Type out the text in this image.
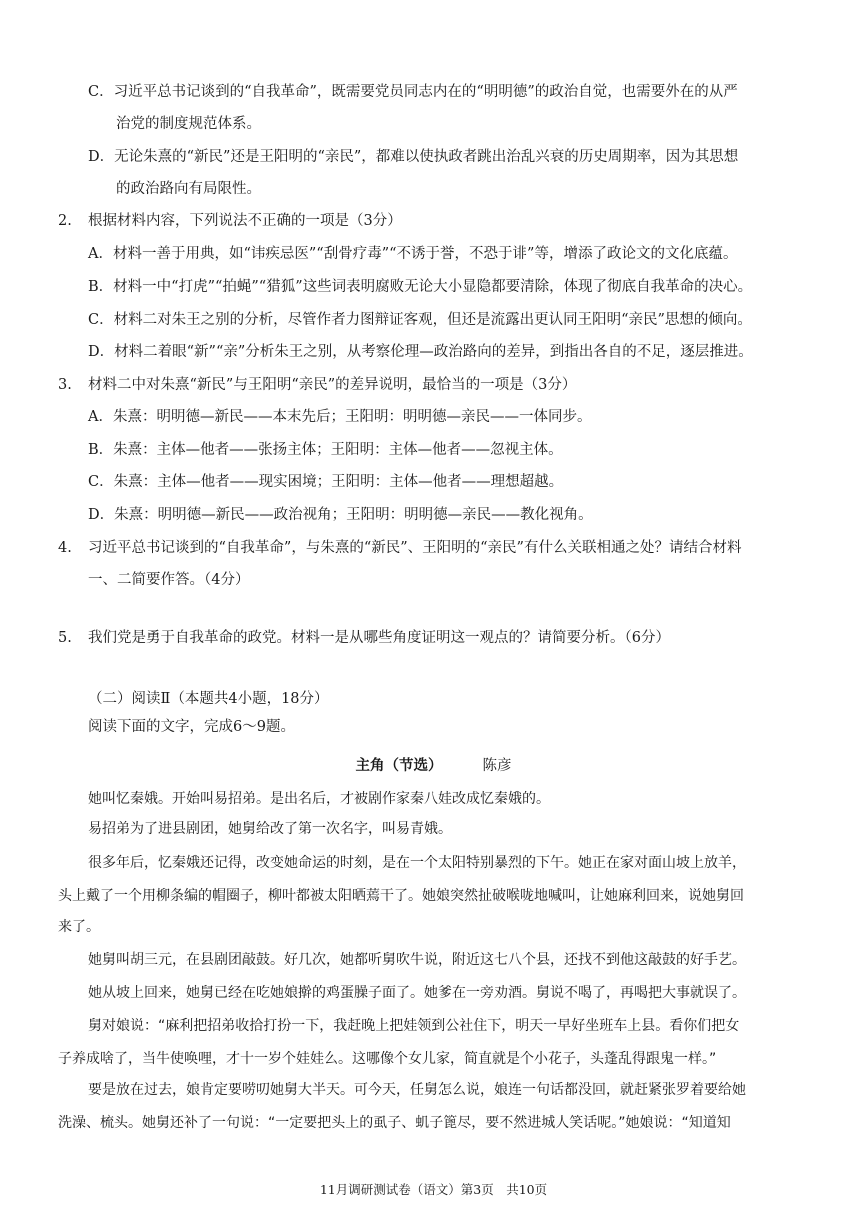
C．习近平总书记谈到的“自我革命”，既需要党员同志内在的“明明德”的政治自觉，也需要外在的从严
治党的制度规范体系。
D．无论朱熹的“新民”还是王阳明的“亲民”，都难以使执政者跳出治乱兴衰的历史周期率，因为其思想
的政治路向有局限性。
2. 根据材料内容，下列说法不正确的一项是（3分）
A．材料一善于用典，如“讳疾忌医”“刮骨疗毒”“不诱于誉，不恐于诽”等，增添了政论文的文化底蕴。
B．材料一中“打虎”“拍蝇”“猎狐”这些词表明腐败无论大小显隐都要清除，体现了彻底自我革命的决心。
C．材料二对朱王之别的分析，尽管作者力图辩证客观，但还是流露出更认同王阳明“亲民”思想的倾向。
D．材料二着眼“新”“亲”分析朱王之别，从考察伦理—政治路向的差异，到指出各自的不足，逐层推进。
3. 材料二中对朱熹“新民”与王阳明“亲民”的差异说明，最恰当的一项是（3分）
A．朱熹：明明德—新民——本末先后；王阳明：明明德—亲民——一体同步。
B．朱熹：主体—他者——张扬主体；王阳明：主体—他者——忽视主体。
C．朱熹：主体—他者——现实困境；王阳明：主体—他者——理想超越。
D．朱熹：明明德—新民——政治视角；王阳明：明明德—亲民——教化视角。
4. 习近平总书记谈到的“自我革命”，与朱熹的“新民”、王阳明的“亲民”有什么关联相通之处？请结合材料
一、二简要作答。（4分）
5. 我们党是勇于自我革命的政党。材料一是从哪些角度证明这一观点的？请简要分析。（6分）
（二）阅读Ⅱ（本题共4小题，18分）
阅读下面的文字，完成6～9题。
主角（节选）	陈彦
她叫忆秦娥。开始叫易招弟。是出名后，才被剧作家秦八娃改成忆秦娥的。
易招弟为了进县剧团，她舅给改了第一次名字，叫易青娥。
很多年后，忆秦娥还记得，改变她命运的时刻，是在一个太阳特别暴烈的下午。她正在家对面山坡上放羊，
头上戴了一个用柳条编的帽圈子，柳叶都被太阳晒蔫干了。她娘突然扯破喉咙地喊叫，让她麻利回来，说她舅回
来了。
她舅叫胡三元，在县剧团敲鼓。好几次，她都听舅吹牛说，附近这七八个县，还找不到他这敲鼓的好手艺。
她从坡上回来，她舅已经在吃她娘擀的鸡蛋臊子面了。她爹在一旁劝酒。舅说不喝了，再喝把大事就误了。
舅对娘说：“麻利把招弟收拾打扮一下，我赶晚上把娃领到公社住下，明天一早好坐班车上县。看你们把女
子养成啥了，当牛使唤哩，才十一岁个娃娃么。这哪像个女儿家，简直就是个小花子，头蓬乱得跟鬼一样。”
要是放在过去，娘肯定要唠叨她舅大半天。可今天，任舅怎么说，娘连一句话都没回，就赶紧张罗着要给她
洗澡、梳头。她舅还补了一句说：“一定要把头上的虱子、虮子篦尽，要不然进城人笑话呢。”她娘说：“知道知
11月调研测试卷（语文）第3页　共10页
